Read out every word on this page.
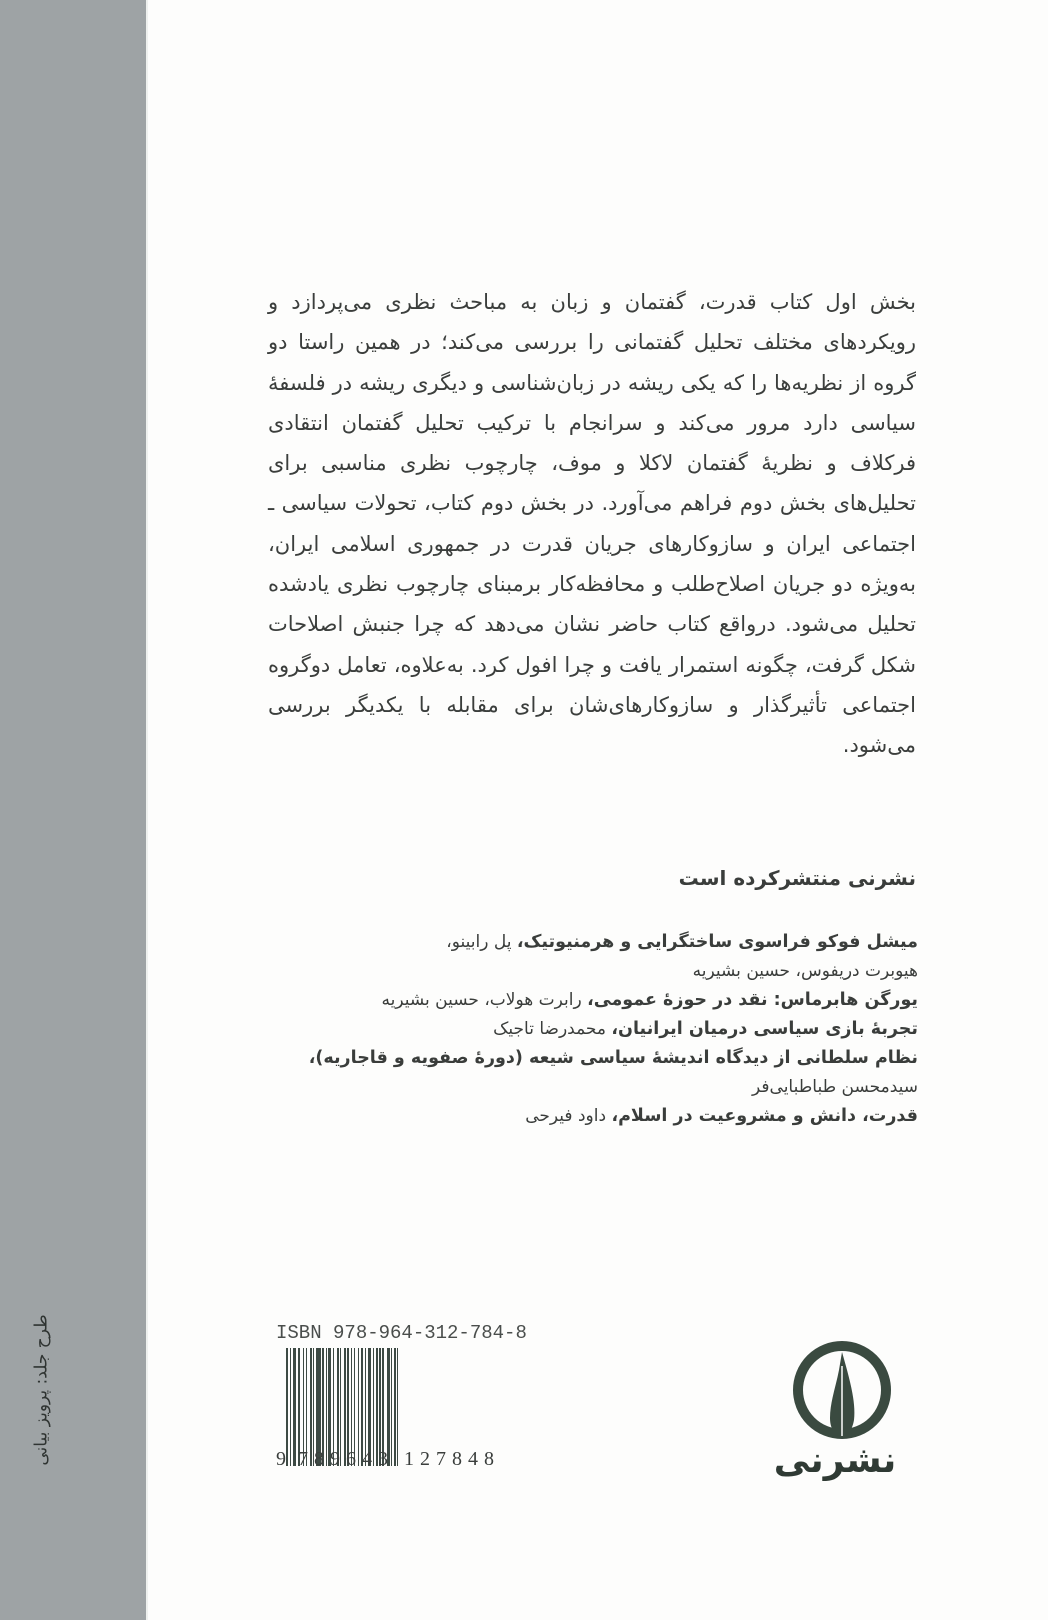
طرح جلد: پرویز بیانی

بخش اول کتاب قدرت، گفتمان و زبان به مباحث نظری می‌پردازد و رویکردهای مختلف تحلیل گفتمانی را بررسی می‌کند؛ در همین راستا دو گروه از نظریه‌ها را که یکی ریشه در زبان‌شناسی و دیگری ریشه در فلسفهٔ سیاسی دارد مرور می‌کند و سرانجام با ترکیب تحلیل گفتمان انتقادی فرکلاف و نظریهٔ گفتمان لاکلا و موف، چارچوب نظری مناسبی برای تحلیل‌های بخش دوم فراهم می‌آورد. در بخش دوم کتاب، تحولات سیاسی ـ اجتماعی ایران و سازوکارهای جریان قدرت در جمهوری اسلامی ایران، به‌ویژه دو جریان اصلاح‌طلب و محافظه‌کار برمبنای چارچوب نظری یادشده تحلیل می‌شود. درواقع کتاب حاضر نشان می‌دهد که چرا جنبش اصلاحات شکل گرفت، چگونه استمرار یافت و چرا افول کرد. به‌علاوه، تعامل دوگروه اجتماعی تأثیرگذار و سازوکارهای‌شان برای مقابله با یکدیگر بررسی می‌شود.

نشرنی منتشرکرده است
میشل فوکو فراسوی ساختگرایی و هرمنیوتیک، پل رابینو،
هیوبرت دریفوس، حسین بشیریه
یورگن هابرماس: نقد در حوزهٔ عمومی، رابرت هولاب، حسین بشیریه
تجربهٔ بازی سیاسی درمیان ایرانیان، محمدرضا تاجیک
نظام سلطانی از دیدگاه اندیشهٔ سیاسی شیعه (دورهٔ صفویه و قاجاریه)،
سیدمحسن طباطبایی‌فر
قدرت، دانش و مشروعیت در اسلام، داود فیرحی
ISBN 978-964-312-784-8
9 789643 127848	نشرنی
